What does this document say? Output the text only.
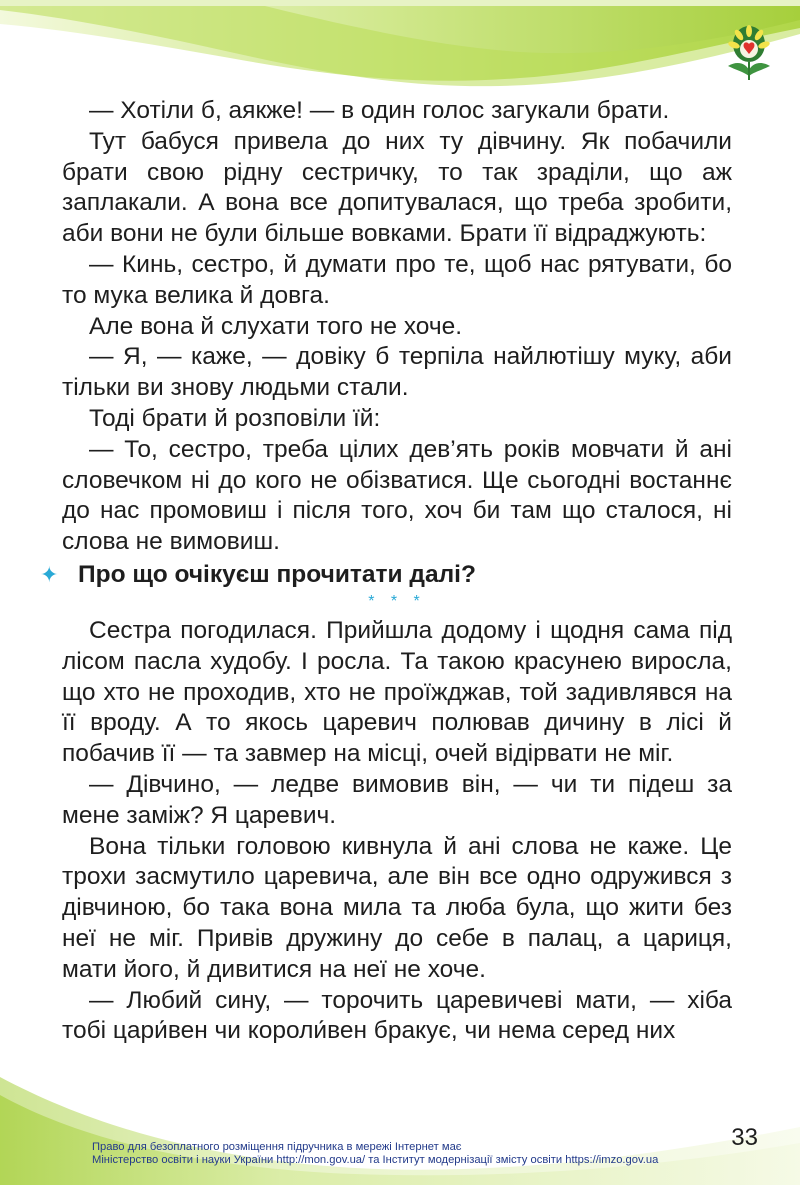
— Хотіли б, аякже! — в один голос загукали брати.

Тут бабуся привела до них ту дівчину. Як побачили брати свою рідну сестричку, то так зраділи, що аж заплакали. А вона все допитувалася, що треба зробити, аби вони не були більше вовками. Брати її відраджують:

— Кинь, сестро, й думати про те, щоб нас рятувати, бо то мука велика й довга.

Але вона й слухати того не хоче.

— Я, — каже, — довіку б терпіла найлютішу муку, аби тільки ви знову людьми стали.

Тоді брати й розповіли їй:

— То, сестро, треба цілих дев’ять років мовчати й ані словечком ні до кого не обізватися. Ще сьогодні востаннє до нас промовиш і після того, хоч би там що сталося, ні слова не вимовиш.

✦ Про що очікуєш прочитати далі?
* * *

Сестра погодилася. Прийшла додому і щодня сама під лісом пасла худобу. І росла. Та такою красунею виросла, що хто не проходив, хто не проїжджав, той задивлявся на її вроду. А то якось царевич полював дичину в лісі й побачив її — та завмер на місці, очей відірвати не міг.

— Дівчино, — ледве вимовив він, — чи ти підеш за мене заміж? Я царевич.

Вона тільки головою кивнула й ані слова не каже. Це трохи засмутило царевича, але він все одно одружився з дівчиною, бо така вона мила та люба була, що жити без неї не міг. Привів дружину до себе в палац, а цариця, мати його, й дивитися на неї не хоче.

— Любий сину, — торочить царевичеві мати, — хіба тобі цари́вен чи короли́вен бракує, чи нема серед них

33
Право для безоплатного розміщення підручника в мережі Інтернет має
Міністерство освіти і науки України http://mon.gov.ua/ та Інститут модернізації змісту освіти https://imzo.gov.ua
